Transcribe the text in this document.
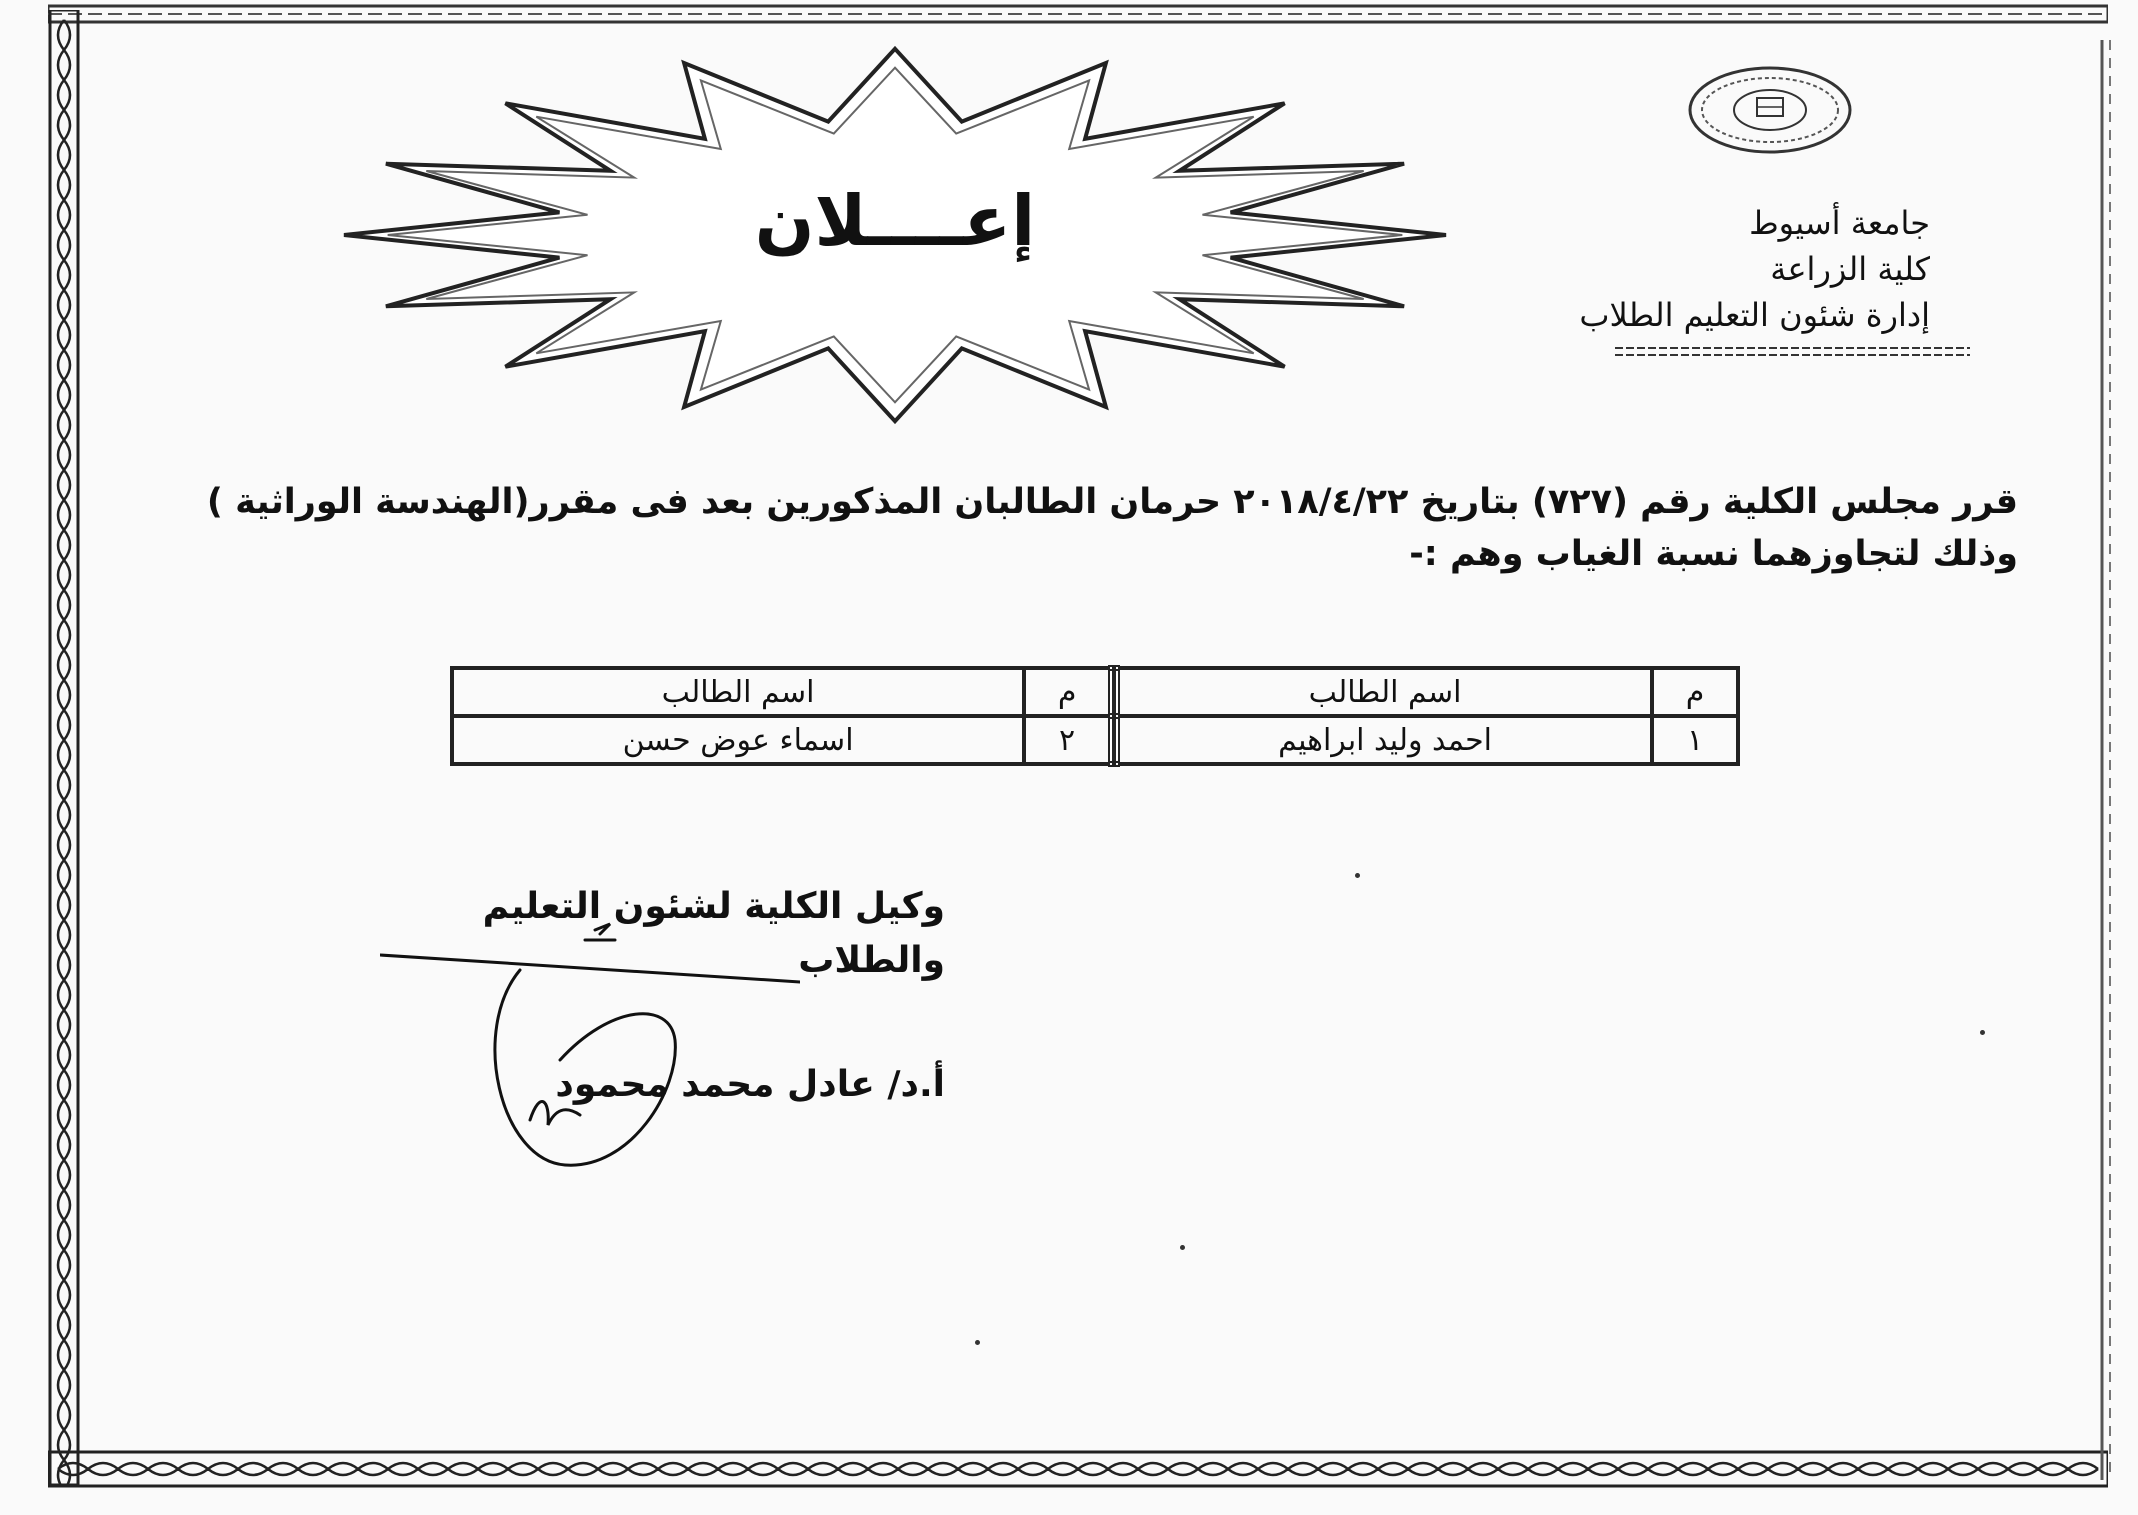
جامعة أسيوط
كلية الزراعة
إدارة شئون التعليم الطلاب
إعــــلان
قرر مجلس الكلية رقم (٧٢٧) بتاريخ ٢٠١٨/٤/٢٢ حرمان الطالبان المذكورين بعد فى مقرر(الهندسة الوراثية )
وذلك لتجاوزهما نسبة الغياب وهم :-
م	اسم الطالب		م	اسم الطالب
١	احمد وليد ابراهيم		٢	اسماء عوض حسن
وكيل الكلية لشئون التعليم والطلاب
أ.د/ عادل محمد محمود
